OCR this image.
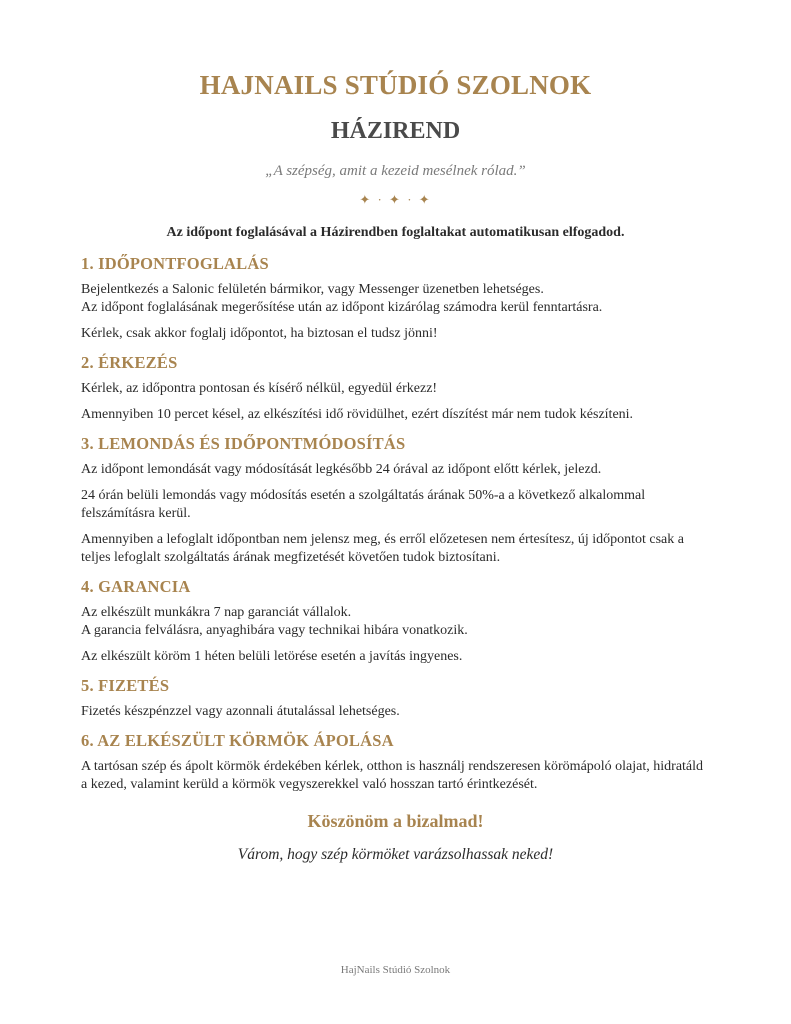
HAJNAILS STÚDIÓ SZOLNOK
HÁZIREND
„A szépség, amit a kezeid mesélnek rólad.”
✦ · ✦ · ✦
Az időpont foglalásával a Házirendben foglaltakat automatikusan elfogadod.
1. IDŐPONTFOGLALÁS

Bejelentkezés a Salonic felületén bármikor, vagy Messenger üzenetben lehetséges.
Az időpont foglalásának megerősítése után az időpont kizárólag számodra kerül fenntartásra.

Kérlek, csak akkor foglalj időpontot, ha biztosan el tudsz jönni!

2. ÉRKEZÉS

Kérlek, az időpontra pontosan és kísérő nélkül, egyedül érkezz!

Amennyiben 10 percet késel, az elkészítési idő rövidülhet, ezért díszítést már nem tudok készíteni.

3. LEMONDÁS ÉS IDŐPONTMÓDOSÍTÁS

Az időpont lemondását vagy módosítását legkésőbb 24 órával az időpont előtt kérlek, jelezd.

24 órán belüli lemondás vagy módosítás esetén a szolgáltatás árának 50%-a a következő alkalommal felszámításra kerül.

Amennyiben a lefoglalt időpontban nem jelensz meg, és erről előzetesen nem értesítesz, új időpontot csak a teljes lefoglalt szolgáltatás árának megfizetését követően tudok biztosítani.

4. GARANCIA

Az elkészült munkákra 7 nap garanciát vállalok.
A garancia felválásra, anyaghibára vagy technikai hibára vonatkozik.

Az elkészült köröm 1 héten belüli letörése esetén a javítás ingyenes.

5. FIZETÉS

Fizetés készpénzzel vagy azonnali átutalással lehetséges.

6. AZ ELKÉSZÜLT KÖRMÖK ÁPOLÁSA

A tartósan szép és ápolt körmök érdekében kérlek, otthon is használj rendszeresen körömápoló olajat, hidratáld a kezed, valamint kerüld a körmök vegyszerekkel való hosszan tartó érintkezését.

Köszönöm a bizalmad!
Várom, hogy szép körmöket varázsolhassak neked!
HajNails Stúdió Szolnok
